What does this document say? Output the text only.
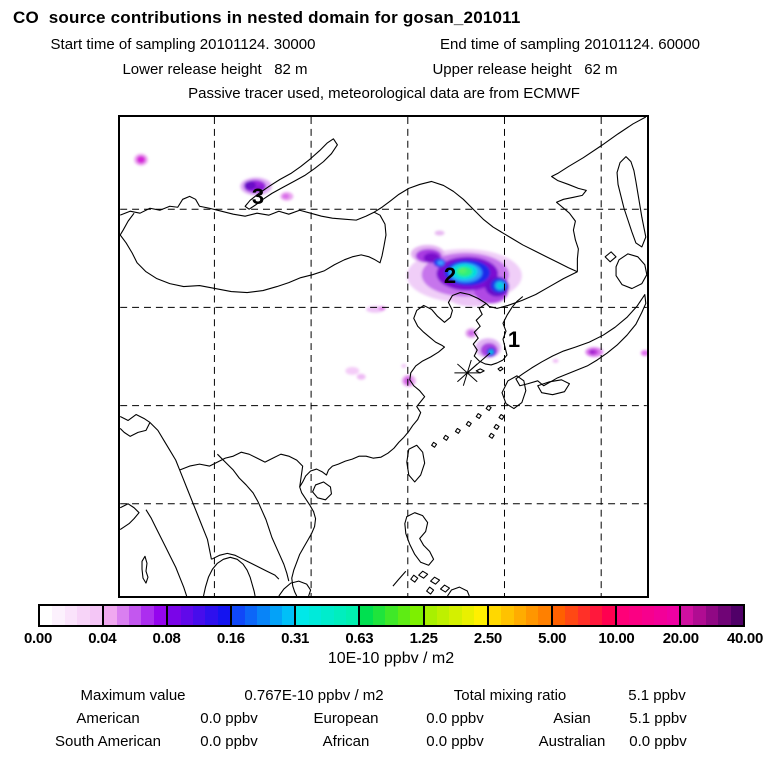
CO  source contributions in nested domain for gosan_201011
Start time of sampling 20101124. 30000	End time of sampling 20101124. 60000
Lower release height   82 m	Upper release height   62 m
Passive tracer used, meteorological data are from ECMWF
1
2
3
0.00 0.04 0.08 0.16 0.31 0.63 1.25 2.50 5.00 10.00 20.00 40.00
10E-10 ppbv / m2
Maximum value	0.767E-10 ppbv / m2	Total mixing ratio	5.1 ppbv
American	0.0 ppbv	European	0.0 ppbv	Asian	5.1 ppbv
South American	0.0 ppbv	African	0.0 ppbv	Australian 0.0 ppbv
